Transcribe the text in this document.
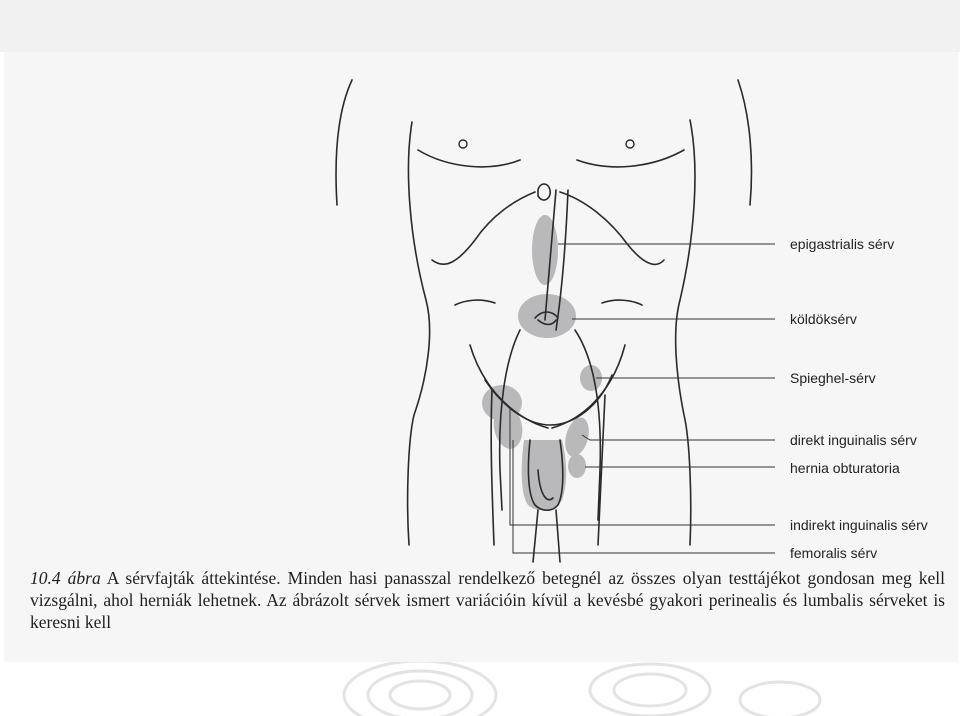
epigastrialis sérv
köldöksérv
Spieghel-sérv
direkt inguinalis sérv
hernia obturatoria
indirekt inguinalis sérv
femoralis sérv
10.4 ábra A sérvfajták áttekintése. Minden hasi panasszal rendelkező betegnél az összes olyan testtájékot gondosan meg kell vizsgálni, ahol herniák lehetnek. Az ábrázolt sérvek ismert variációin kívül a kevésbé gyakori perinealis és lumbalis sérveket is keresni kell
